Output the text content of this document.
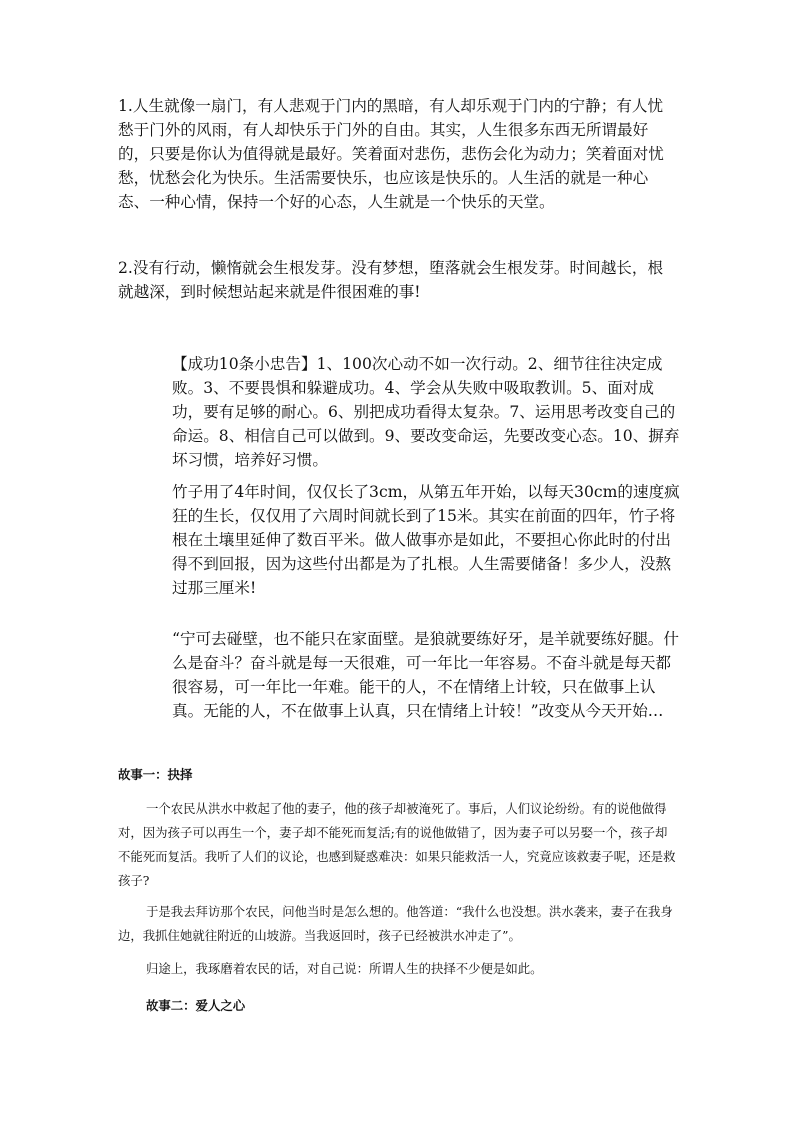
1.人生就像一扇门，有人悲观于门内的黑暗，有人却乐观于门内的宁静；有人忧愁于门外的风雨，有人却快乐于门外的自由。其实，人生很多东西无所谓最好的，只要是你认为值得就是最好。笑着面对悲伤，悲伤会化为动力；笑着面对忧愁，忧愁会化为快乐。生活需要快乐，也应该是快乐的。人生活的就是一种心态、一种心情，保持一个好的心态，人生就是一个快乐的天堂。

2.没有行动，懒惰就会生根发芽。没有梦想，堕落就会生根发芽。时间越长，根就越深，到时候想站起来就是件很困难的事!

【成功10条小忠告】1、100次心动不如一次行动。2、细节往往决定成败。3、不要畏惧和躲避成功。4、学会从失败中吸取教训。5、面对成功，要有足够的耐心。6、别把成功看得太复杂。7、运用思考改变自己的命运。8、相信自己可以做到。9、要改变命运，先要改变心态。10、摒弃坏习惯，培养好习惯。

竹子用了4年时间，仅仅长了3cm，从第五年开始，以每天30cm的速度疯狂的生长，仅仅用了六周时间就长到了15米。其实在前面的四年，竹子将根在土壤里延伸了数百平米。做人做事亦是如此，不要担心你此时的付出得不到回报，因为这些付出都是为了扎根。人生需要储备！多少人，没熬过那三厘米!

“宁可去碰壁，也不能只在家面壁。是狼就要练好牙，是羊就要练好腿。什么是奋斗？奋斗就是每一天很难，可一年比一年容易。不奋斗就是每天都很容易，可一年比一年难。能干的人，不在情绪上计较，只在做事上认真。无能的人，不在做事上认真，只在情绪上计较！”改变从今天开始…

故事一：抉择

一个农民从洪水中救起了他的妻子，他的孩子却被淹死了。事后，人们议论纷纷。有的说他做得对，因为孩子可以再生一个，妻子却不能死而复活;有的说他做错了，因为妻子可以另娶一个，孩子却不能死而复活。我听了人们的议论，也感到疑惑难决：如果只能救活一人，究竟应该救妻子呢，还是救孩子?

于是我去拜访那个农民，问他当时是怎么想的。他答道：“我什么也没想。洪水袭来，妻子在我身边，我抓住她就往附近的山坡游。当我返回时，孩子已经被洪水冲走了”。

归途上，我琢磨着农民的话，对自己说：所谓人生的抉择不少便是如此。

故事二：爱人之心
